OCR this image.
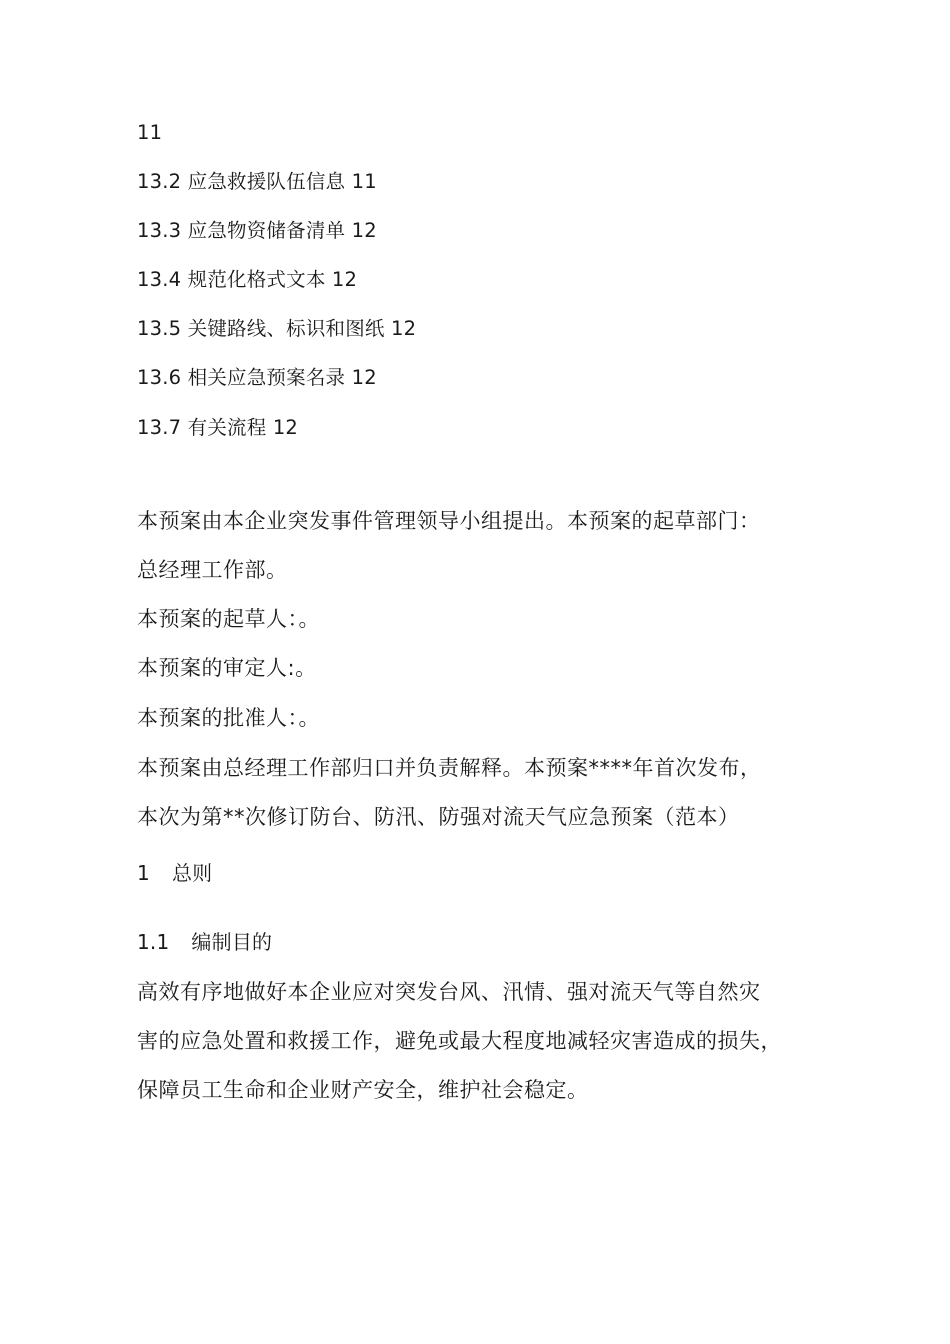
11
13.2 应急救援队伍信息 11
13.3 应急物资储备清单 12
13.4 规范化格式文本 12
13.5 关键路线、标识和图纸 12
13.6 相关应急预案名录 12
13.7 有关流程 12
本预案由本企业突发事件管理领导小组提出。本预案的起草部门：
总经理工作部。
本预案的起草人：。
本预案的审定人:。
本预案的批准人：。
本预案由总经理工作部归口并负责解释。本预案****年首次发布，
本次为第**次修订防台、防汛、防强对流天气应急预案（范本）
1 总则
1.1 编制目的
高效有序地做好本企业应对突发台风、汛情、强对流天气等自然灾
害的应急处置和救援工作，避免或最大程度地减轻灾害造成的损失，
保障员工生命和企业财产安全，维护社会稳定。
